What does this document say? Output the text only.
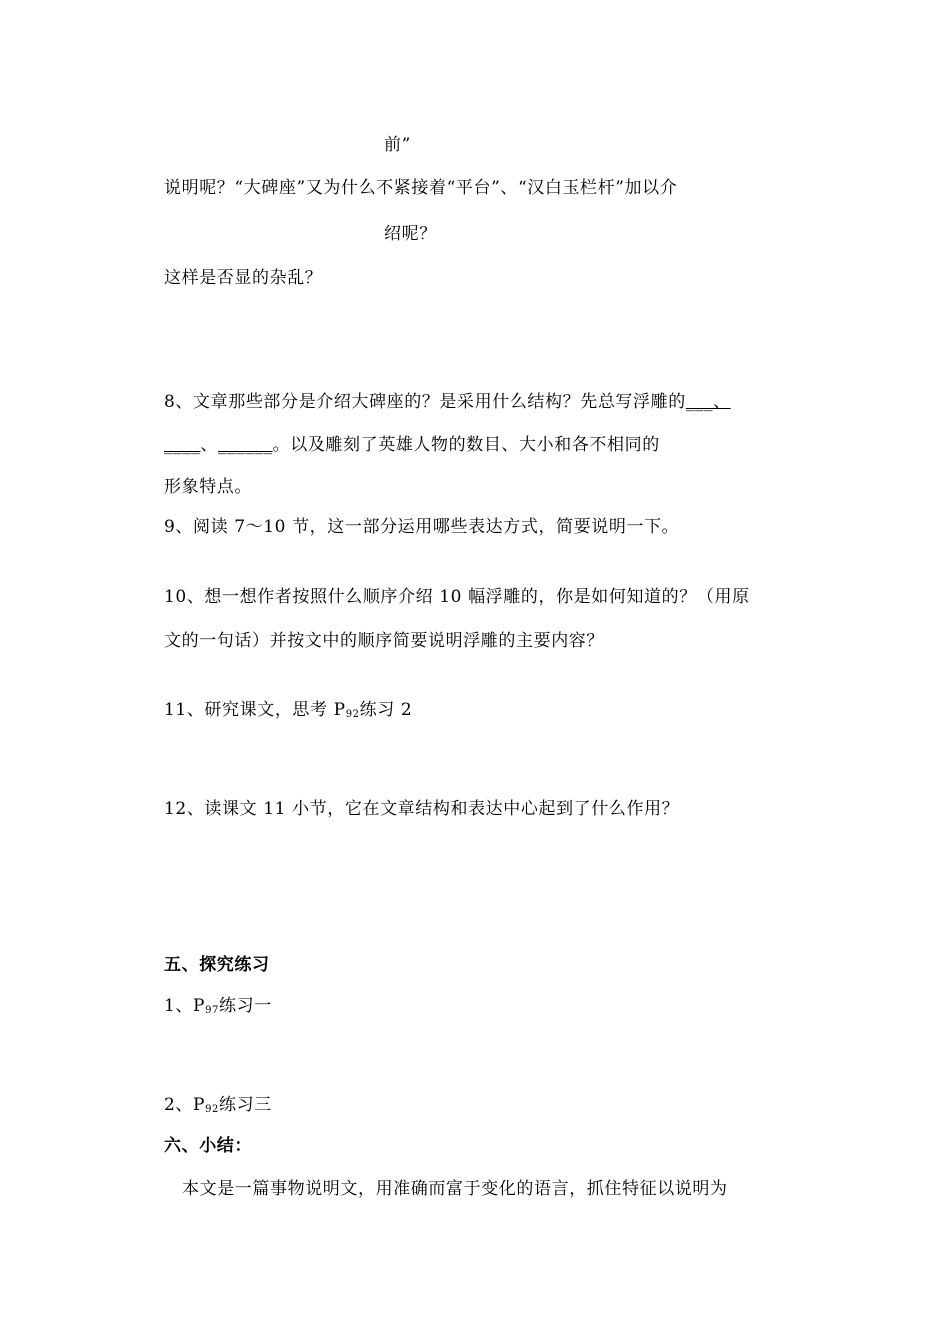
前”
说明呢？“大碑座”又为什么不紧接着“平台”、“汉白玉栏杆”加以介
绍呢？
这样是否显的杂乱？
8、文章那些部分是介绍大碑座的？是采用什么结构？先总写浮雕的___、
____、______。以及雕刻了英雄人物的数目、大小和各不相同的
形象特点。
9、阅读 7～10 节，这一部分运用哪些表达方式，简要说明一下。
10、想一想作者按照什么顺序介绍 10 幅浮雕的，你是如何知道的？（用原
文的一句话）并按文中的顺序简要说明浮雕的主要内容？
11、研究课文，思考 $P_{92}$练习 2
12、读课文 11 小节，它在文章结构和表达中心起到了什么作用？
五、探究练习
1、$P_{97}$练习一
2、$P_{92}$练习三
六、小结：
本文是一篇事物说明文，用准确而富于变化的语言，抓住特征以说明为
